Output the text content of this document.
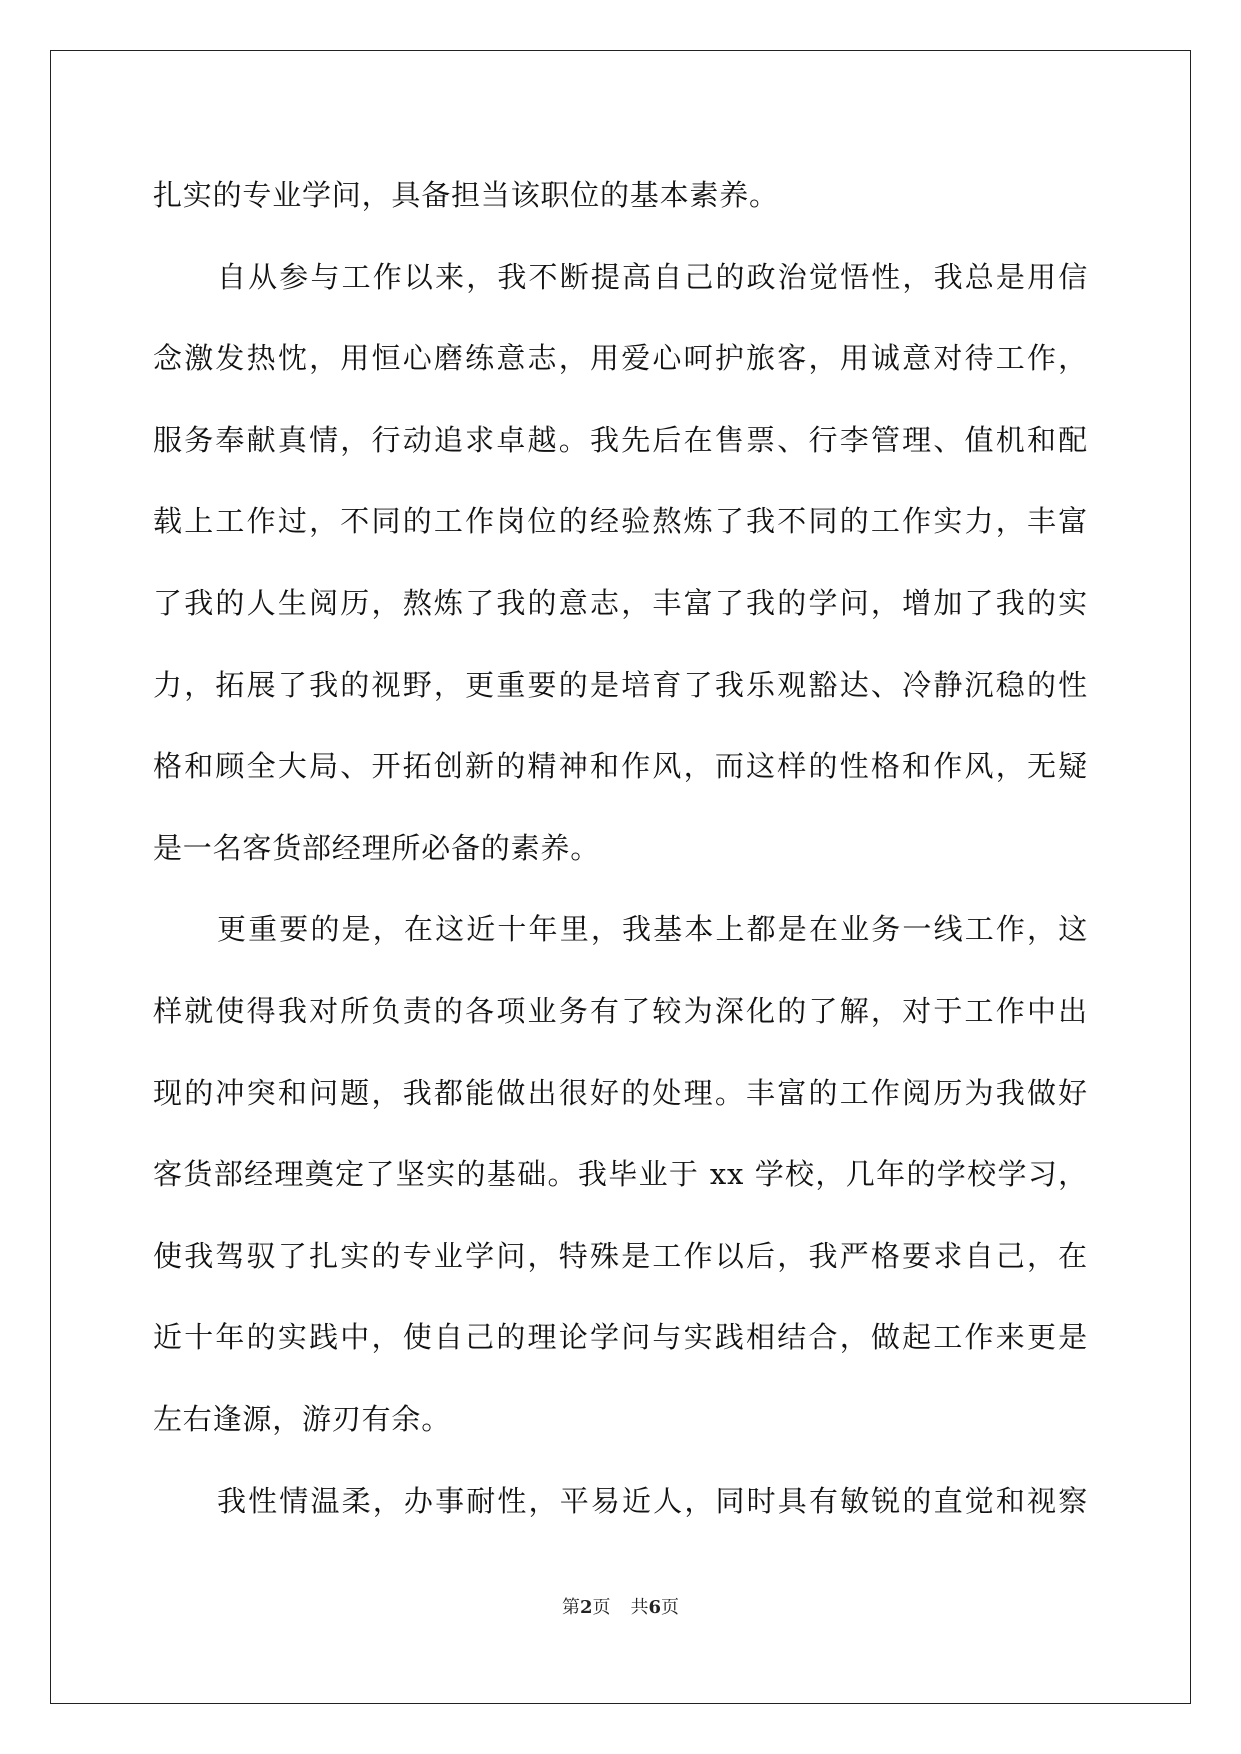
扎实的专业学问，具备担当该职位的基本素养。
自从参与工作以来，我不断提高自己的政治觉悟性，我总是用信
念激发热忱，用恒心磨练意志，用爱心呵护旅客，用诚意对待工作，
服务奉献真情，行动追求卓越。我先后在售票、行李管理、值机和配
载上工作过，不同的工作岗位的经验熬炼了我不同的工作实力，丰富
了我的人生阅历，熬炼了我的意志，丰富了我的学问，增加了我的实
力，拓展了我的视野，更重要的是培育了我乐观豁达、冷静沉稳的性
格和顾全大局、开拓创新的精神和作风，而这样的性格和作风，无疑
是一名客货部经理所必备的素养。
更重要的是，在这近十年里，我基本上都是在业务一线工作，这
样就使得我对所负责的各项业务有了较为深化的了解，对于工作中出
现的冲突和问题，我都能做出很好的处理。丰富的工作阅历为我做好
客货部经理奠定了坚实的基础。我毕业于 xx 学校，几年的学校学习，
使我驾驭了扎实的专业学问，特殊是工作以后，我严格要求自己，在
近十年的实践中，使自己的理论学问与实践相结合，做起工作来更是
左右逢源，游刃有余。
我性情温柔，办事耐性，平易近人，同时具有敏锐的直觉和视察
第2页 共6页
